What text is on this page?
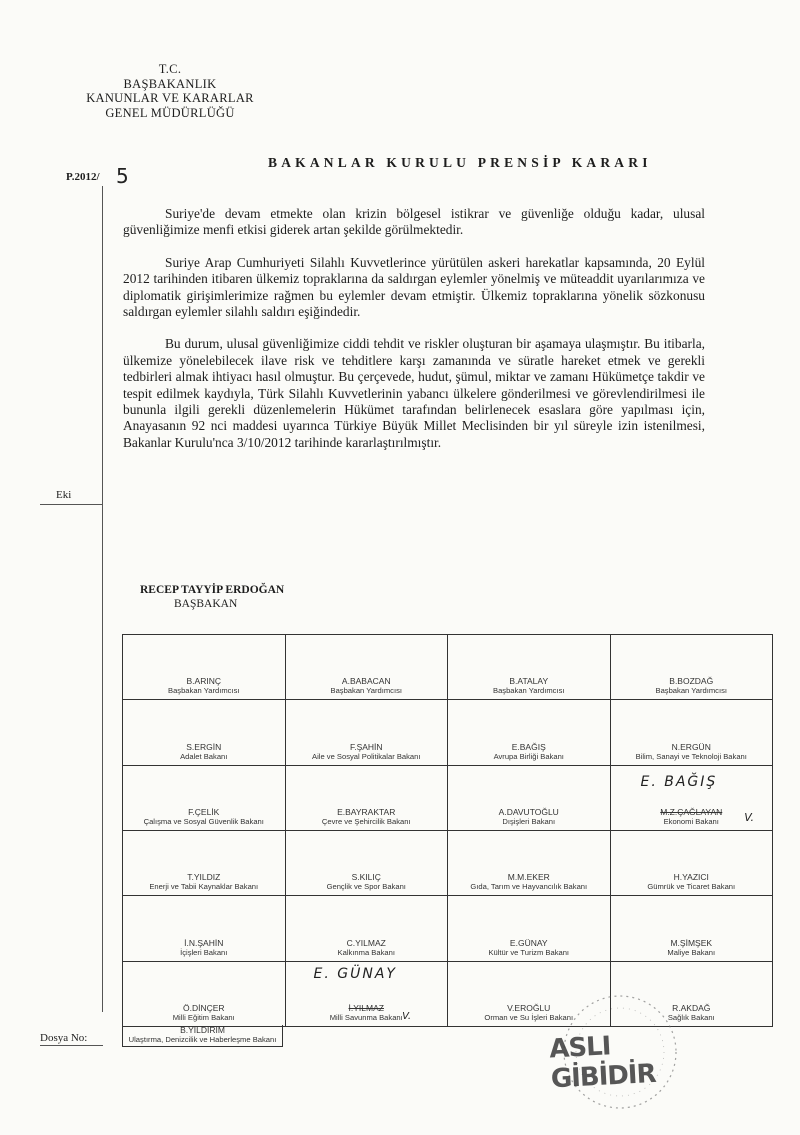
T.C.
BAŞBAKANLIK
KANUNLAR VE KARARLAR
GENEL MÜDÜRLÜĞÜ
BAKANLAR KURULU PRENSİP KARARI
P.2012/ 5
Eki
Dosya No:

Suriye'de devam etmekte olan krizin bölgesel istikrar ve güvenliğe olduğu kadar, ulusal güvenliğimize menfi etkisi giderek artan şekilde görülmektedir.

Suriye Arap Cumhuriyeti Silahlı Kuvvetlerince yürütülen askeri harekatlar kapsamında, 20 Eylül 2012 tarihinden itibaren ülkemiz topraklarına da saldırgan eylemler yönelmiş ve müteaddit uyarılarımıza ve diplomatik girişimlerimize rağmen bu eylemler devam etmiştir. Ülkemiz topraklarına yönelik sözkonusu saldırgan eylemler silahlı saldırı eşiğindedir.

Bu durum, ulusal güvenliğimize ciddi tehdit ve riskler oluşturan bir aşamaya ulaşmıştır. Bu itibarla, ülkemize yönelebilecek ilave risk ve tehditlere karşı zamanında ve süratle hareket etmek ve gerekli tedbirleri almak ihtiyacı hasıl olmuştur. Bu çerçevede, hudut, şümul, miktar ve zamanı Hükümetçe takdir ve tespit edilmek kaydıyla, Türk Silahlı Kuvvetlerinin yabancı ülkelere gönderilmesi ve görevlendirilmesi ile bununla ilgili gerekli düzenlemelerin Hükümet tarafından belirlenecek esaslara göre yapılması için, Anayasanın 92 nci maddesi uyarınca Türkiye Büyük Millet Meclisinden bir yıl süreyle izin istenilmesi, Bakanlar Kurulu'nca 3/10/2012 tarihinde kararlaştırılmıştır.

RECEP TAYYİP ERDOĞAN
BAŞBAKAN
B.ARINÇ
Başbakan Yardımcısı
A.BABACAN
Başbakan Yardımcısı
B.ATALAY
Başbakan Yardımcısı
B.BOZDAĞ
Başbakan Yardımcısı
S.ERGİN
Adalet Bakanı
F.ŞAHİN
Aile ve Sosyal Politikalar Bakanı
E.BAĞIŞ
Avrupa Birliği Bakanı
N.ERGÜN
Bilim, Sanayi ve Teknoloji Bakanı
F.ÇELİK
Çalışma ve Sosyal Güvenlik Bakanı
E.BAYRAKTAR
Çevre ve Şehircilik Bakanı
A.DAVUTOĞLU
Dışişleri Bakanı
E. BAĞIŞ
M.Z.ÇAĞLAYAN
Ekonomi Bakanı V.
T.YILDIZ
Enerji ve Tabii Kaynaklar Bakanı
S.KILIÇ
Gençlik ve Spor Bakanı
M.M.EKER
Gıda, Tarım ve Hayvancılık Bakanı
H.YAZICI
Gümrük ve Ticaret Bakanı
İ.N.ŞAHİN
İçişleri Bakanı
C.YILMAZ
Kalkınma Bakanı
E.GÜNAY
Kültür ve Turizm Bakanı
M.ŞİMŞEK
Maliye Bakanı
Ö.DİNÇER
Milli Eğitim Bakanı
E. GÜNAY
İ.YILMAZ
Milli Savunma Bakanı V.
V.EROĞLU
Orman ve Su İşleri Bakanı
R.AKDAĞ
Sağlık Bakanı
B.YILDIRIM
Ulaştırma, Denizcilik ve Haberleşme Bakanı	ASLI GİBİDİR
